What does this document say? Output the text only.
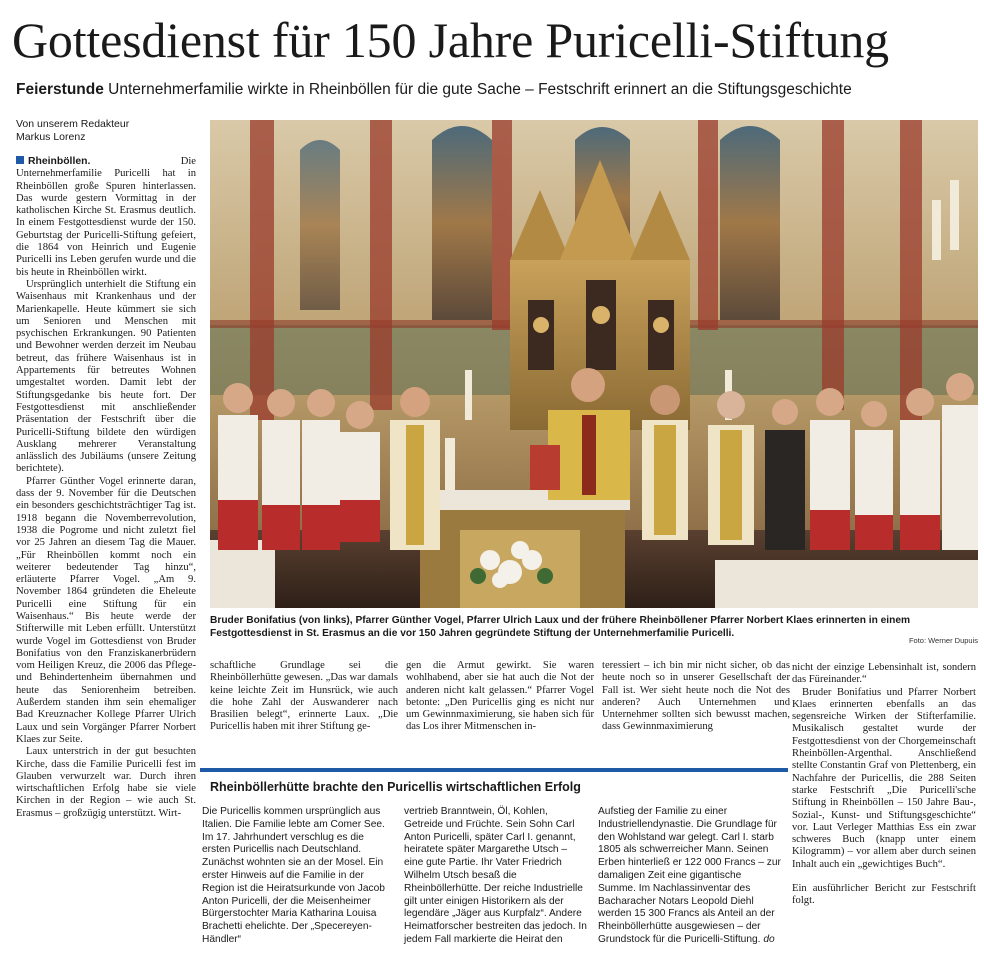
Gottesdienst für 150 Jahre Puricelli-Stiftung
Feierstunde Unternehmerfamilie wirkte in Rheinböllen für die gute Sache – Festschrift erinnert an die Stiftungsgeschichte
Von unserem Redakteur
Markus Lorenz

Rheinböllen.	Die Unternehmerfamilie Puricelli hat in Rheinböllen große Spuren hinterlassen. Das wurde gestern Vormittag in der katholischen Kirche St. Erasmus deutlich. In einem Festgottesdienst wurde der 150. Geburtstag der Puricelli-Stiftung gefeiert, die 1864 von Heinrich und Eugenie Puricelli ins Leben gerufen wurde und die bis heute in Rheinböllen wirkt.

Ursprünglich unterhielt die Stiftung ein Waisenhaus mit Krankenhaus und der Marienkapelle. Heute kümmert sie sich um Senioren und Menschen mit psychischen Erkrankungen. 90 Patienten und Bewohner werden derzeit im Neubau betreut, das frühere Waisenhaus ist in Appartements für betreutes Wohnen umgestaltet worden. Damit lebt der Stiftungsgedanke bis heute fort. Der Festgottesdienst mit anschließender Präsentation der Festschrift über die Puricelli-Stiftung bildete den würdigen Ausklang mehrerer Veranstaltung anlässlich des Jubiläums (unsere Zeitung berichtete).

Pfarrer Günther Vogel erinnerte daran, dass der 9. November für die Deutschen ein besonders geschichtsträchtiger Tag ist. 1918 begann die Novemberrevolution, 1938 die Pogrome und nicht zuletzt fiel vor 25 Jahren an diesem Tag die Mauer. „Für Rheinböllen kommt noch ein weiterer bedeutender Tag hinzu“, erläuterte Pfarrer Vogel. „Am 9. November 1864 gründeten die Eheleute Puricelli eine Stiftung für ein Waisenhaus.“ Bis heute werde der Stifterwille mit Leben erfüllt. Unterstützt wurde Vogel im Gottesdienst von Bruder Bonifatius von den Franziskanerbrüdern vom Heiligen Kreuz, die 2006 das Pflege- und Behindertenheim übernahmen und heute das Seniorenheim betreiben. Außerdem standen ihm sein ehemaliger Bad Kreuznacher Kollege Pfarrer Ulrich Laux und sein Vorgänger Pfarrer Norbert Klaes zur Seite.

Laux unterstrich in der gut besuchten Kirche, dass die Familie Puricelli fest im Glauben verwurzelt war. Durch ihren wirtschaftlichen Erfolg habe sie viele Kirchen in der Region – wie auch St. Erasmus – großzügig unterstützt. Wirt-

Bruder Bonifatius (von links), Pfarrer Günther Vogel, Pfarrer Ulrich Laux und der frühere Rheinböllener Pfarrer Norbert Klaes erinnerten in einem Festgottesdienst in St. Erasmus an die vor 150 Jahren gegründete Stiftung der Unternehmerfamilie Puricelli.
Foto: Werner Dupuis

schaftliche Grundlage sei die Rheinböllerhütte gewesen. „Das war damals keine leichte Zeit im Hunsrück, wie auch die hohe Zahl der Auswanderer nach Brasilien belegt“, erinnerte Laux. „Die Puricellis haben mit ihrer Stiftung ge-

gen die Armut gewirkt. Sie waren wohlhabend, aber sie hat auch die Not der anderen nicht kalt gelassen.“ Pfarrer Vogel betonte: „Den Puricellis ging es nicht nur um Gewinnmaximierung, sie haben sich für das Los ihrer Mitmenschen in-

teressiert – ich bin mir nicht sicher, ob das heute noch so in unserer Gesellschaft der Fall ist. Wer sieht heute noch die Not des anderen? Auch Unternehmen und Unternehmer sollten sich bewusst machen, dass Gewinnmaximierung

nicht der einzige Lebensinhalt ist, sondern das Füreinander.“

Bruder Bonifatius und Pfarrer Norbert Klaes erinnerten ebenfalls an das segensreiche Wirken der Stifterfamilie. Musikalisch gestaltet wurde der Festgottesdienst von der Chorgemeinschaft Rheinböllen-Argenthal. Anschließend stellte Constantin Graf von Plettenberg, ein Nachfahre der Puricellis, die 288 Seiten starke Festschrift „Die Puricelli'sche Stiftung in Rheinböllen – 150 Jahre Bau-, Sozial-, Kunst- und Stiftungsgeschichte“ vor. Laut Verleger Matthias Ess ein zwar schweres Buch (knapp unter einem Kilogramm) – vor allem aber durch seinen Inhalt auch ein „gewichtiges Buch“.

Ein ausführlicher Bericht zur Festschrift folgt.

Rheinböllerhütte brachte den Puricellis wirtschaftlichen Erfolg

Die Puricellis kommen ursprünglich aus Italien. Die Familie lebte am Comer See. Im 17. Jahrhundert verschlug es die ersten Puricellis nach Deutschland. Zunächst wohnten sie an der Mosel. Ein erster Hinweis auf die Familie in der Region ist die Heiratsurkunde von Jacob Anton Puricelli, der die Meisenheimer Bürgerstochter Maria Katharina Louisa Brachetti ehelichte. Der „Specereyen-Händler“

vertrieb Branntwein, Öl, Kohlen, Getreide und Früchte. Sein Sohn Carl Anton Puricelli, später Carl I. genannt, heiratete später Margarethe Utsch – eine gute Partie. Ihr Vater Friedrich Wilhelm Utsch besaß die Rheinböllerhütte. Der reiche Industrielle gilt unter einigen Historikern als der legendäre „Jäger aus Kurpfalz“. Andere Heimatforscher bestreiten das jedoch. In jedem Fall markierte die Heirat den

Aufstieg der Familie zu einer Industriellendynastie. Die Grundlage für den Wohlstand war gelegt. Carl I. starb 1805 als schwerreicher Mann. Seinen Erben hinterließ er 122 000 Francs – zur damaligen Zeit eine gigantische Summe. Im Nachlassinventar des Bacharacher Notars Leopold Diehl werden 15 300 Francs als Anteil an der Rheinböllerhütte ausgewiesen – der Grundstock für die Puricelli-Stiftung. do
